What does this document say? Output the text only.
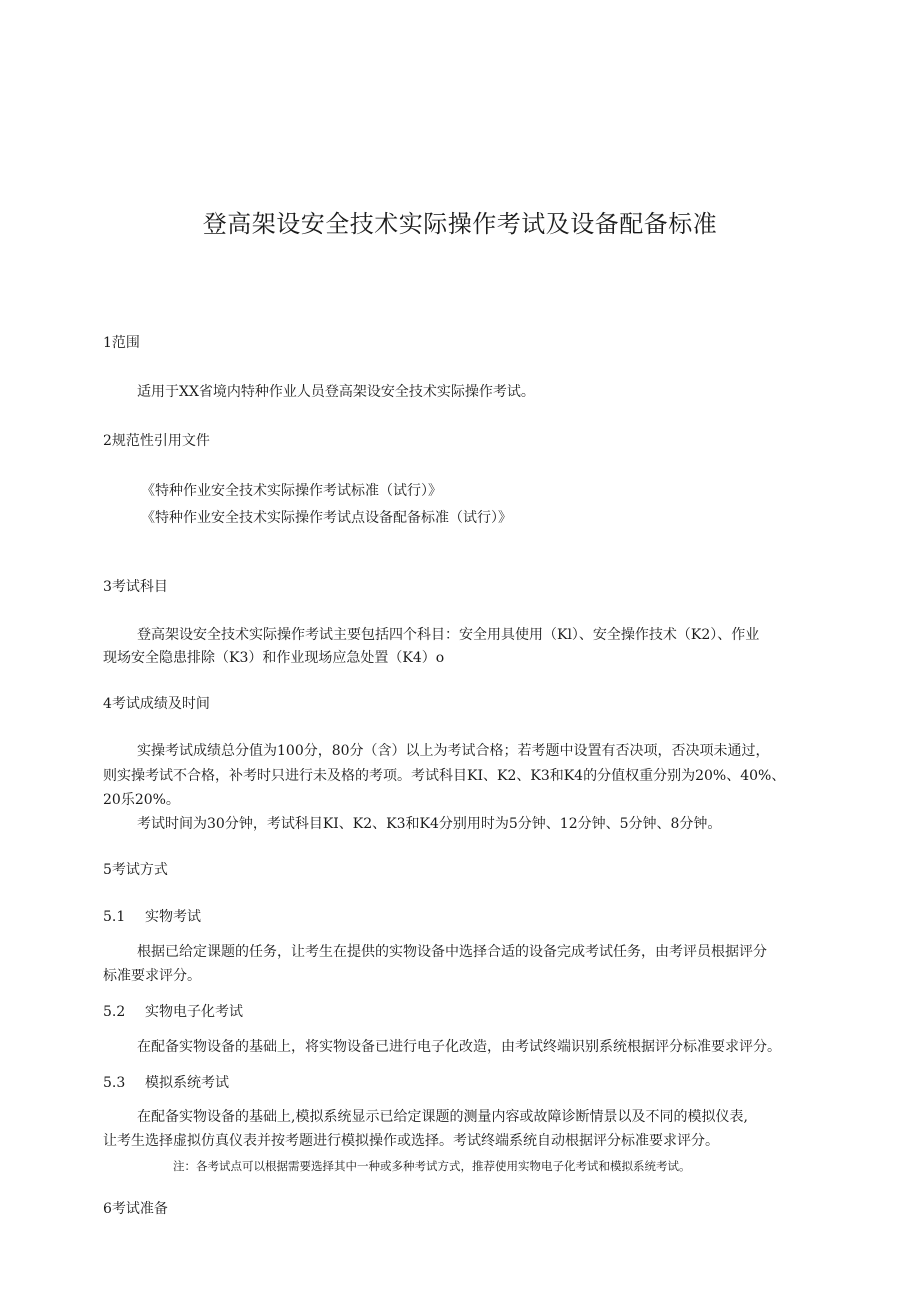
登高架设安全技术实际操作考试及设备配备标准
1范围
适用于XX省境内特种作业人员登高架设安全技术实际操作考试。
2规范性引用文件
《特种作业安全技术实际操作考试标准（试行）》
《特种作业安全技术实际操作考试点设备配备标准（试行）》
3考试科目
登高架设安全技术实际操作考试主要包括四个科目：安全用具使用（Kl）、安全操作技术（K2）、作业
现场安全隐患排除（K3）和作业现场应急处置（K4）o
4考试成绩及时间
实操考试成绩总分值为100分，80分（含）以上为考试合格；若考题中设置有否决项，否决项未通过，
则实操考试不合格，补考时只进行未及格的考项。考试科目KI、K2、K3和K4的分值权重分别为20%、40%、
20乐20%。
考试时间为30分钟，考试科目KI、K2、K3和K4分别用时为5分钟、12分钟、5分钟、8分钟。
5考试方式
5.1 实物考试
根据已给定课题的任务，让考生在提供的实物设备中选择合适的设备完成考试任务，由考评员根据评分
标准要求评分。
5.2 实物电子化考试
在配备实物设备的基础上，将实物设备已进行电子化改造，由考试终端识别系统根据评分标准要求评分。
5.3 模拟系统考试
在配备实物设备的基础上,模拟系统显示已给定课题的测量内容或故障诊断情景以及不同的模拟仪表,
让考生选择虚拟仿真仪表并按考题进行模拟操作或选择。考试终端系统自动根据评分标准要求评分。
注：各考试点可以根据需要选择其中一种或多种考试方式，推荐使用实物电子化考试和模拟系统考试。
6考试准备
